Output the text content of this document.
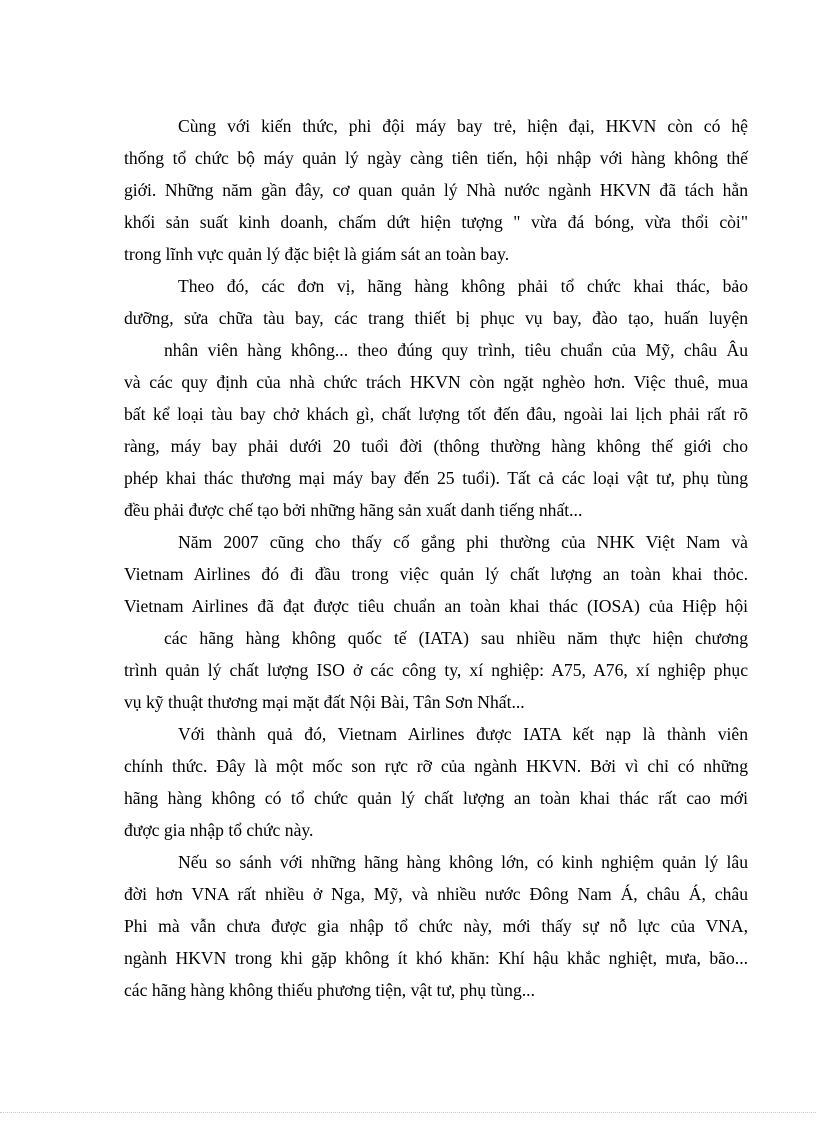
Cùng với kiến thức, phi đội máy bay trẻ, hiện đại, HKVN còn có hệ
thống tổ chức bộ máy quản lý ngày càng tiên tiến, hội nhập với hàng không thế
giới. Những năm gần đây, cơ quan quản lý Nhà nước ngành HKVN đã tách hẳn
khối sản suất kinh doanh, chấm dứt hiện tượng " vừa đá bóng, vừa thổi còi"
trong lĩnh vực quản lý đặc biệt là giám sát an toàn bay.
Theo đó, các đơn vị, hãng hàng không phải tổ chức khai thác, bảo
dưỡng, sửa chữa tàu bay, các trang thiết bị phục vụ bay, đào tạo, huấn luyện
nhân viên hàng không... theo đúng quy trình, tiêu chuẩn của Mỹ, châu Âu
và các quy định của nhà chức trách HKVN còn ngặt nghèo hơn. Việc thuê, mua
bất kể loại tàu bay chở khách gì, chất lượng tốt đến đâu, ngoài lai lịch phải rất rõ
ràng, máy bay phải dưới 20 tuổi đời (thông thường hàng không thế giới cho
phép khai thác thương mại máy bay đến 25 tuổi). Tất cả các loại vật tư, phụ tùng
đều phải được chế tạo bởi những hãng sản xuất danh tiếng nhất...
Năm 2007 cũng cho thấy cố gắng phi thường của NHK Việt Nam và
Vietnam Airlines đó đi đầu trong việc quản lý chất lượng an toàn khai thỏc.
Vietnam Airlines đã đạt được tiêu chuẩn an toàn khai thác (IOSA) của Hiệp hội
các hãng hàng không quốc tế (IATA) sau nhiều năm thực hiện chương
trình quản lý chất lượng ISO ở các công ty, xí nghiệp: A75, A76, xí nghiệp phục
vụ kỹ thuật thương mại mặt đất Nội Bài, Tân Sơn Nhất...
Với thành quả đó, Vietnam Airlines được IATA kết nạp là thành viên
chính thức. Đây là một mốc son rực rỡ của ngành HKVN. Bởi vì chỉ có những
hãng hàng không có tổ chức quản lý chất lượng an toàn khai thác rất cao mới
được gia nhập tổ chức này.
Nếu so sánh với những hãng hàng không lớn, có kinh nghiệm quản lý lâu
đời hơn VNA rất nhiều ở Nga, Mỹ, và nhiều nước Đông Nam Á, châu Á, châu
Phi mà vẫn chưa được gia nhập tổ chức này, mới thấy sự nỗ lực của VNA,
ngành HKVN trong khi gặp không ít khó khăn: Khí hậu khắc nghiệt, mưa, bão...
các hãng hàng không thiếu phương tiện, vật tư, phụ tùng...
